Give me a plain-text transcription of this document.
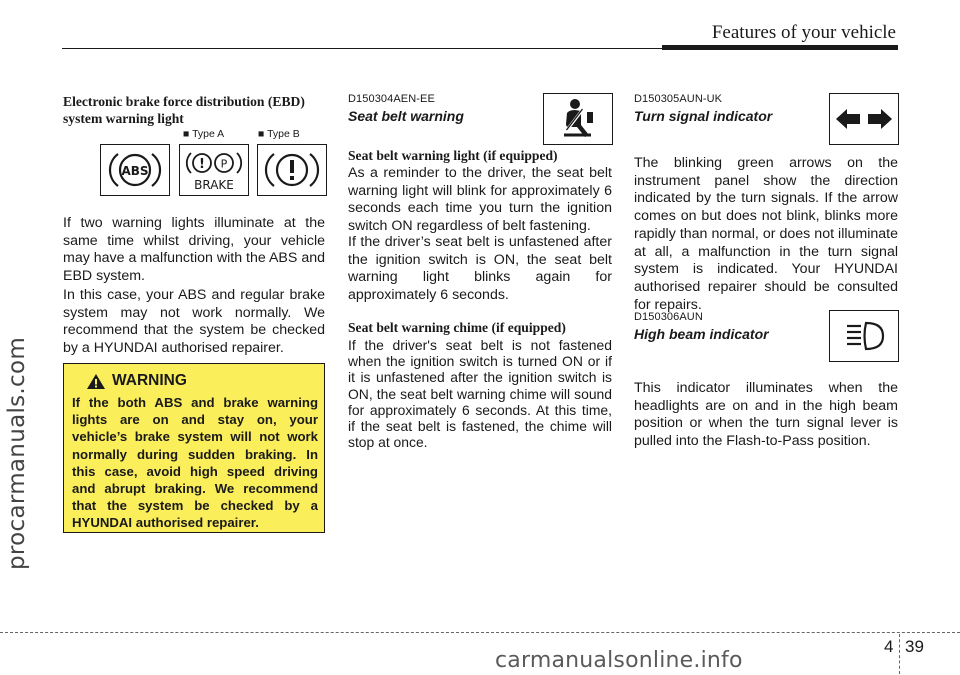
Features of your vehicle
procarmanuals.com
Electronic brake force distribution (EBD)
system warning light
■ Type A	■ Type B
ABS	! P
BRAKE

If two warning lights illuminate at the same time whilst driving, your vehicle may have a malfunction with the ABS and EBD system.

In this case, your ABS and regular brake system may not work normally. We recommend that the system be checked by a HYUNDAI authorised repairer.

WARNING
If the both ABS and brake warning lights are on and stay on, your vehicle’s brake system will not work normally during sudden braking. In this case, avoid high speed driving and abrupt braking. We recommend that the system be checked by a HYUNDAI authorised repairer.
D150304AEN-EE
Seat belt warning
Seat belt warning light (if equipped)

As a reminder to the driver, the seat belt warning light will blink for approximately 6 seconds each time you turn the ignition switch ON regardless of belt fastening.

If the driver’s seat belt is unfastened after the ignition switch is ON, the seat belt warning light blinks again for approximately 6 seconds.

Seat belt warning chime (if equipped)

If the driver's seat belt is not fastened when the ignition switch is turned ON or if it is unfastened after the ignition switch is ON, the seat belt warning chime will sound for approximately 6 seconds. At this time, if the seat belt is fastened, the chime will stop at once.

D150305AUN-UK
Turn signal indicator

The blinking green arrows on the instrument panel show the direction indicated by the turn signals. If the arrow comes on but does not blink, blinks more rapidly than normal, or does not illuminate at all, a malfunction in the turn signal system is indicated. Your HYUNDAI authorised repairer should be consulted for repairs.

D150306AUN
High beam indicator

This indicator illuminates when the headlights are on and in the high beam position or when the turn signal lever is pulled into the Flash-to-Pass position.

4 39
carmanualsonline.info
